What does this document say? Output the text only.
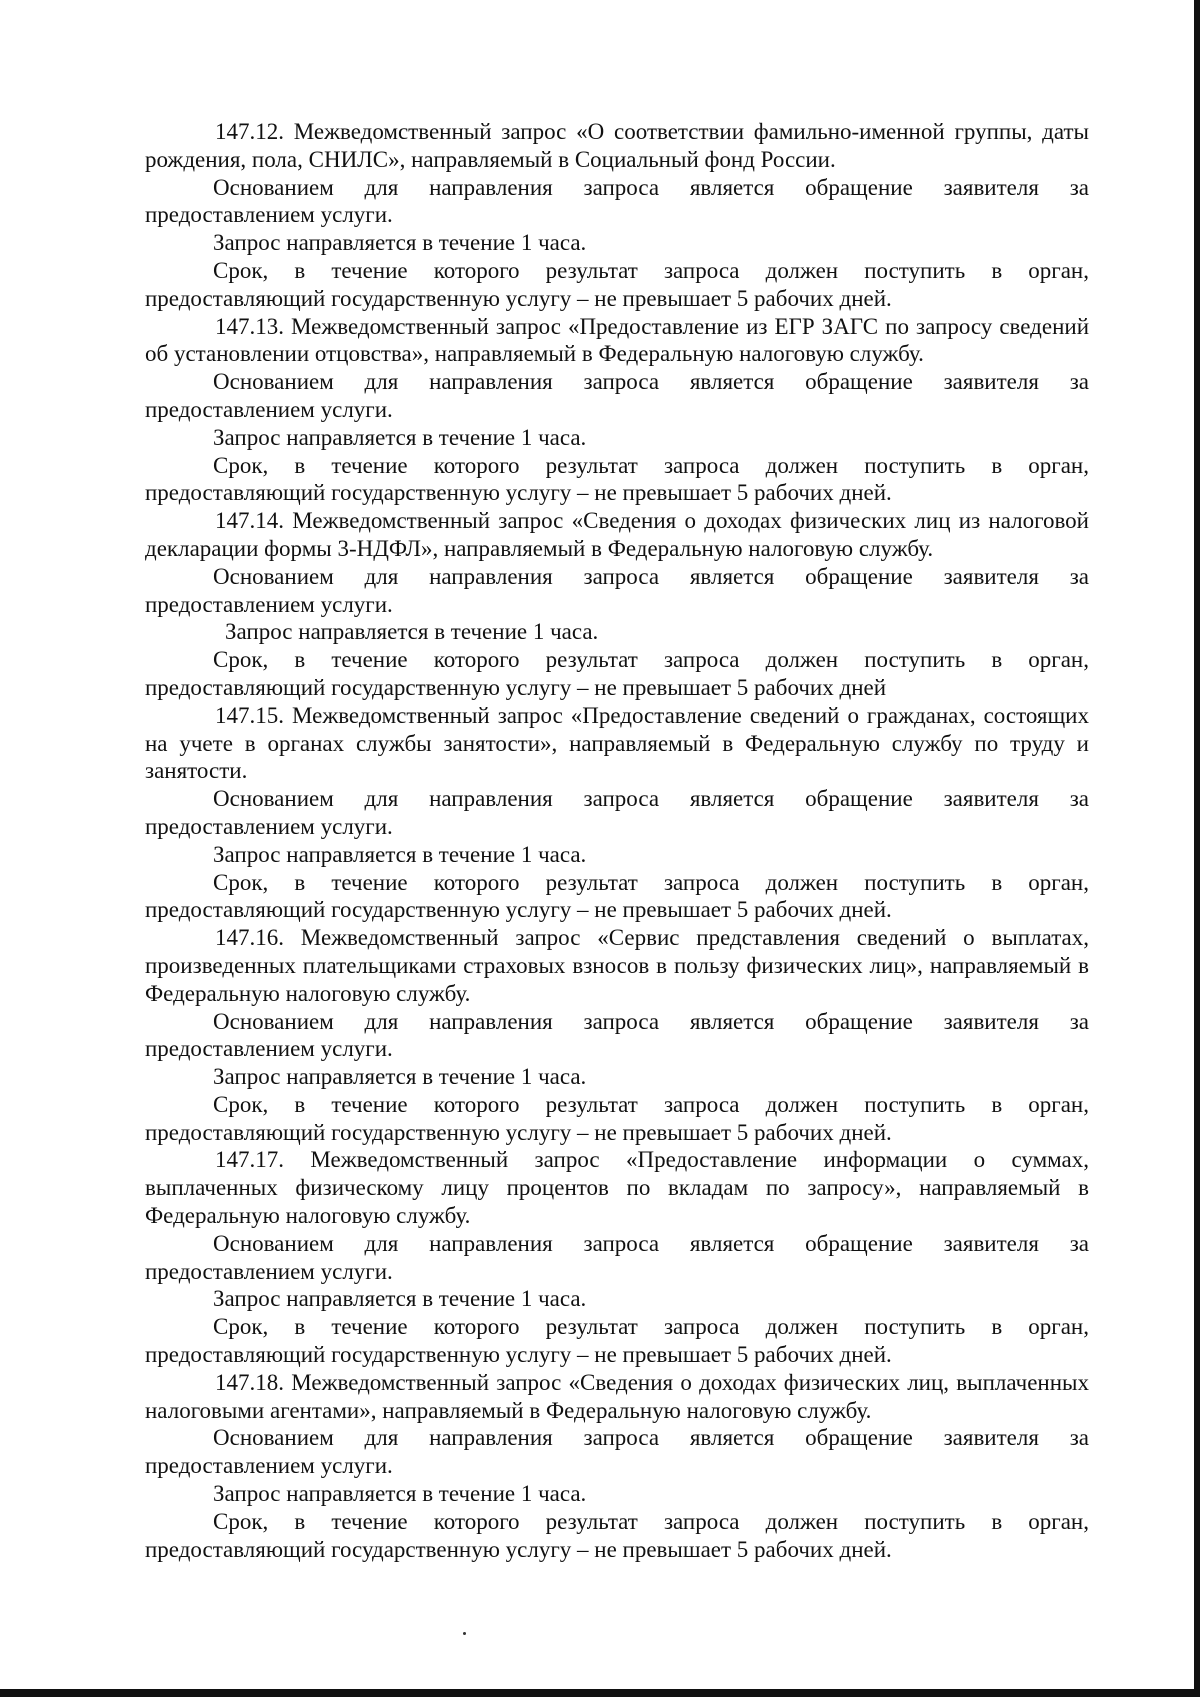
147.12. Межведомственный запрос «О соответствии фамильно-именной группы, даты рождения, пола, СНИЛС», направляемый в Социальный фонд России.

Основанием для направления запроса является обращение заявителя за предоставлением услуги.

Запрос направляется в течение 1 часа.

Срок, в течение которого результат запроса должен поступить в орган, предоставляющий государственную услугу – не превышает 5 рабочих дней.

147.13. Межведомственный запрос «Предоставление из ЕГР ЗАГС по запросу сведений об установлении отцовства», направляемый в Федеральную налоговую службу.

Основанием для направления запроса является обращение заявителя за предоставлением услуги.

Запрос направляется в течение 1 часа.

Срок, в течение которого результат запроса должен поступить в орган, предоставляющий государственную услугу – не превышает 5 рабочих дней.

147.14. Межведомственный запрос «Сведения о доходах физических лиц из налоговой декларации формы 3-НДФЛ», направляемый в Федеральную налоговую службу.

Основанием для направления запроса является обращение заявителя за предоставлением услуги.

Запрос направляется в течение 1 часа.

Срок, в течение которого результат запроса должен поступить в орган, предоставляющий государственную услугу – не превышает 5 рабочих дней

147.15. Межведомственный запрос «Предоставление сведений о гражданах, состоящих на учете в органах службы занятости», направляемый в Федеральную службу по труду и занятости.

Основанием для направления запроса является обращение заявителя за предоставлением услуги.

Запрос направляется в течение 1 часа.

Срок, в течение которого результат запроса должен поступить в орган, предоставляющий государственную услугу – не превышает 5 рабочих дней.

147.16. Межведомственный запрос «Сервис представления сведений о выплатах, произведенных плательщиками страховых взносов в пользу физических лиц», направляемый в Федеральную налоговую службу.

Основанием для направления запроса является обращение заявителя за предоставлением услуги.

Запрос направляется в течение 1 часа.

Срок, в течение которого результат запроса должен поступить в орган, предоставляющий государственную услугу – не превышает 5 рабочих дней.

147.17. Межведомственный запрос «Предоставление информации о суммах, выплаченных физическому лицу процентов по вкладам по запросу», направляемый в Федеральную налоговую службу.

Основанием для направления запроса является обращение заявителя за предоставлением услуги.

Запрос направляется в течение 1 часа.

Срок, в течение которого результат запроса должен поступить в орган, предоставляющий государственную услугу – не превышает 5 рабочих дней.

147.18. Межведомственный запрос «Сведения о доходах физических лиц, выплаченных налоговыми агентами», направляемый в Федеральную налоговую службу.

Основанием для направления запроса является обращение заявителя за предоставлением услуги.

Запрос направляется в течение 1 часа.

Срок, в течение которого результат запроса должен поступить в орган, предоставляющий государственную услугу – не превышает 5 рабочих дней.
